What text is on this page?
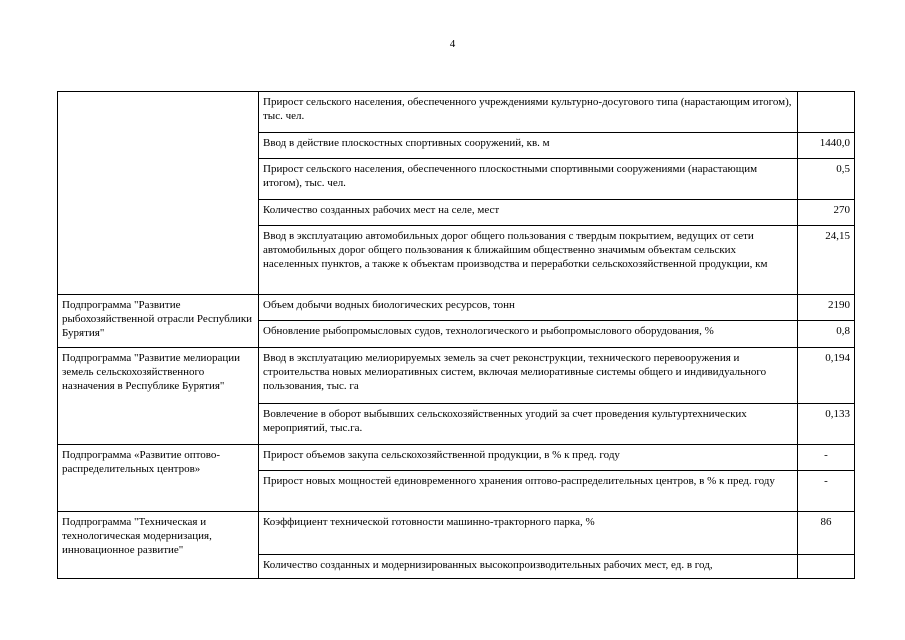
4
	Прирост сельского населения, обеспеченного учреждениями культурно-досугового типа (нарастающим итогом), тыс. чел.	
	Ввод в действие плоскостных спортивных сооружений, кв. м	1440,0
	Прирост сельского населения, обеспеченного плоскостными спортивными сооружениями (нарастающим итогом), тыс. чел.	0,5
	Количество созданных рабочих мест на селе, мест	270
	Ввод в эксплуатацию автомобильных дорог общего пользования с твердым покрытием, ведущих от сети автомобильных дорог общего пользования к ближайшим общественно значимым объектам сельских населенных пунктов, а также к объектам производства и переработки сельскохозяйственной продукции, км	24,15
Подпрограмма "Развитие рыбохозяйственной отрасли Республики Бурятия"	Объем добычи водных биологических ресурсов, тонн	2190
	Обновление рыбопромысловых судов, технологического и рыбопромыслового оборудования, %	0,8
Подпрограмма "Развитие мелиорации земель сельскохозяйственного назначения в Республике Бурятия"	Ввод в эксплуатацию мелиорируемых земель за счет реконструкции, технического перевооружения и строительства новых мелиоративных систем, включая мелиоративные системы общего и индивидуального пользования, тыс. га	0,194
	Вовлечение в оборот выбывших сельскохозяйственных угодий за счет проведения культуртехнических мероприятий, тыс.га.	0,133
Подпрограмма «Развитие оптово-распределительных центров»	Прирост объемов закупа сельскохозяйственной продукции, в % к пред. году	-
	Прирост новых мощностей единовременного хранения оптово-распределительных центров, в % к пред. году	-
Подпрограмма "Техническая и технологическая модернизация, инновационное развитие"	Коэффициент технической готовности машинно-тракторного парка, %	86
	Количество созданных и модернизированных высокопроизводительных рабочих мест, ед. в год,	
